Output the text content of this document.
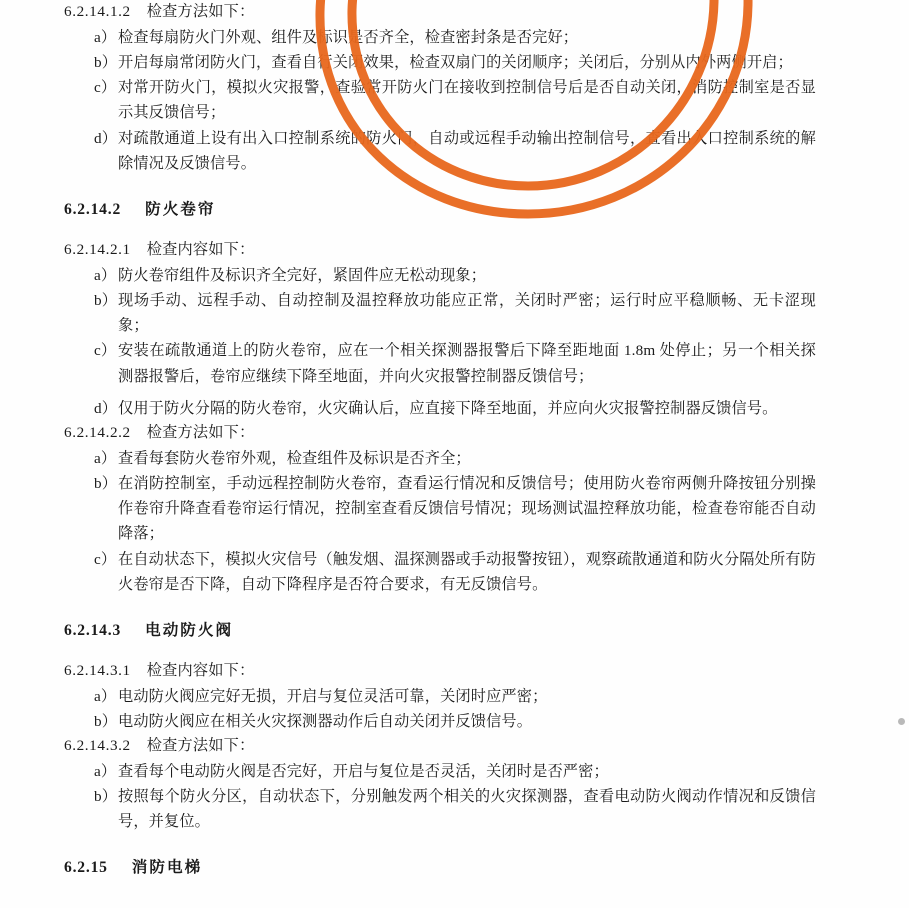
6.2.14.1.2 检查方法如下：

a） 检查每扇防火门外观、组件及标识是否齐全，检查密封条是否完好；
b） 开启每扇常闭防火门，查看自行关闭效果，检查双扇门的关闭顺序；关闭后，分别从内外两侧开启；
c） 对常开防火门，模拟火灾报警，查验常开防火门在接收到控制信号后是否自动关闭，消防控制室是否显示其反馈信号；
d） 对疏散通道上设有出入口控制系统的防火门，自动或远程手动输出控制信号，查看出入口控制系统的解除情况及反馈信号。

6.2.14.2 防火卷帘

6.2.14.2.1 检查内容如下：

a） 防火卷帘组件及标识齐全完好，紧固件应无松动现象；
b） 现场手动、远程手动、自动控制及温控释放功能应正常，关闭时严密；运行时应平稳顺畅、无卡涩现象；
c） 安装在疏散通道上的防火卷帘，应在一个相关探测器报警后下降至距地面 1.8m 处停止；另一个相关探测器报警后，卷帘应继续下降至地面，并向火灾报警控制器反馈信号；
d） 仅用于防火分隔的防火卷帘，火灾确认后，应直接下降至地面，并应向火灾报警控制器反馈信号。

6.2.14.2.2 检查方法如下：

a） 查看每套防火卷帘外观，检查组件及标识是否齐全；
b） 在消防控制室，手动远程控制防火卷帘，查看运行情况和反馈信号；使用防火卷帘两侧升降按钮分别操作卷帘升降查看卷帘运行情况，控制室查看反馈信号情况；现场测试温控释放功能，检查卷帘能否自动降落；
c） 在自动状态下，模拟火灾信号（触发烟、温探测器或手动报警按钮），观察疏散通道和防火分隔处所有防火卷帘是否下降，自动下降程序是否符合要求，有无反馈信号。

6.2.14.3 电动防火阀

6.2.14.3.1 检查内容如下：

a） 电动防火阀应完好无损，开启与复位灵活可靠，关闭时应严密；
b） 电动防火阀应在相关火灾探测器动作后自动关闭并反馈信号。

6.2.14.3.2 检查方法如下：

a） 查看每个电动防火阀是否完好，开启与复位是否灵活，关闭时是否严密；
b） 按照每个防火分区，自动状态下，分别触发两个相关的火灾探测器，查看电动防火阀动作情况和反馈信号，并复位。

6.2.15 消防电梯
